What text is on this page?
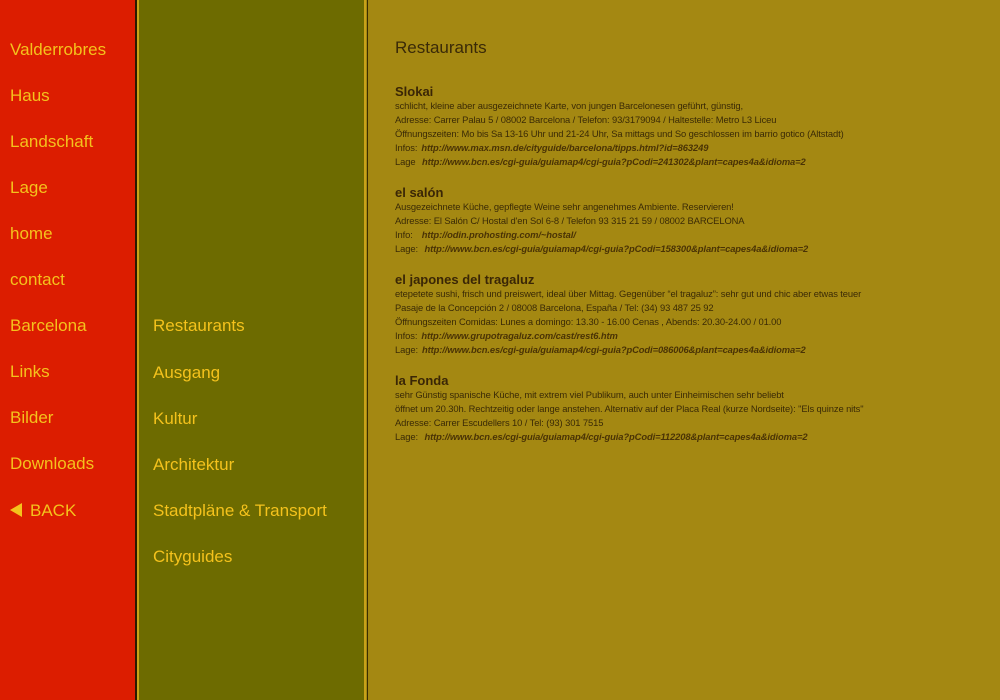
Valderrobres
Haus
Landschaft
Lage
home
contact
Barcelona
Links
Bilder
Downloads
BACK
Restaurants
Ausgang
Kultur
Architektur
Stadtpläne & Transport
Cityguides
Restaurants
Slokai
schlicht, kleine aber ausgezeichnete Karte, von jungen Barcelonesen geführt, günstig,
Adresse: Carrer Palau 5 / 08002 Barcelona / Telefon: 93/3179094 / Haltestelle: Metro L3 Liceu
Öffnungszeiten: Mo bis Sa 13-16 Uhr und 21-24 Uhr, Sa mittags und So geschlossen im barrio gotico (Altstadt)
Infos: http://www.max.msn.de/cityguide/barcelona/tipps.html?id=863249
Lage http://www.bcn.es/cgi-guia/guiamap4/cgi-guia?pCodi=241302&plant=capes4a&idioma=2
el salón
Ausgezeichnete Küche, gepflegte Weine sehr angenehmes Ambiente. Reservieren!
Adresse: El Salón C/ Hostal d'en Sol 6-8 / Telefon 93 315 21 59 / 08002 BARCELONA
Info: http://odin.prohosting.com/~hostal/
Lage: http://www.bcn.es/cgi-guia/guiamap4/cgi-guia?pCodi=158300&plant=capes4a&idioma=2
el japones del tragaluz
etepetete sushi, frisch und preiswert, ideal über Mittag. Gegenüber “el tragaluz”: sehr gut und chic aber etwas teuer
Pasaje de la Concepción 2 / 08008 Barcelona, España / Tel: (34) 93 487 25 92
Öffnungszeiten Comidas: Lunes a domingo: 13.30 - 16.00 Cenas , Abends: 20.30-24.00 / 01.00
Infos: http://www.grupotragaluz.com/cast/rest6.htm
Lage: http://www.bcn.es/cgi-guia/guiamap4/cgi-guia?pCodi=086006&plant=capes4a&idioma=2
la Fonda
sehr Günstig spanische Küche, mit extrem viel Publikum, auch unter Einheimischen sehr beliebt
öffnet um 20.30h. Rechtzeitig oder lange anstehen. Alternativ auf der Placa Real (kurze Nordseite): "Els quinze nits"
Adresse: Carrer Escudellers 10 / Tel: (93) 301 7515
Lage: http://www.bcn.es/cgi-guia/guiamap4/cgi-guia?pCodi=112208&plant=capes4a&idioma=2
